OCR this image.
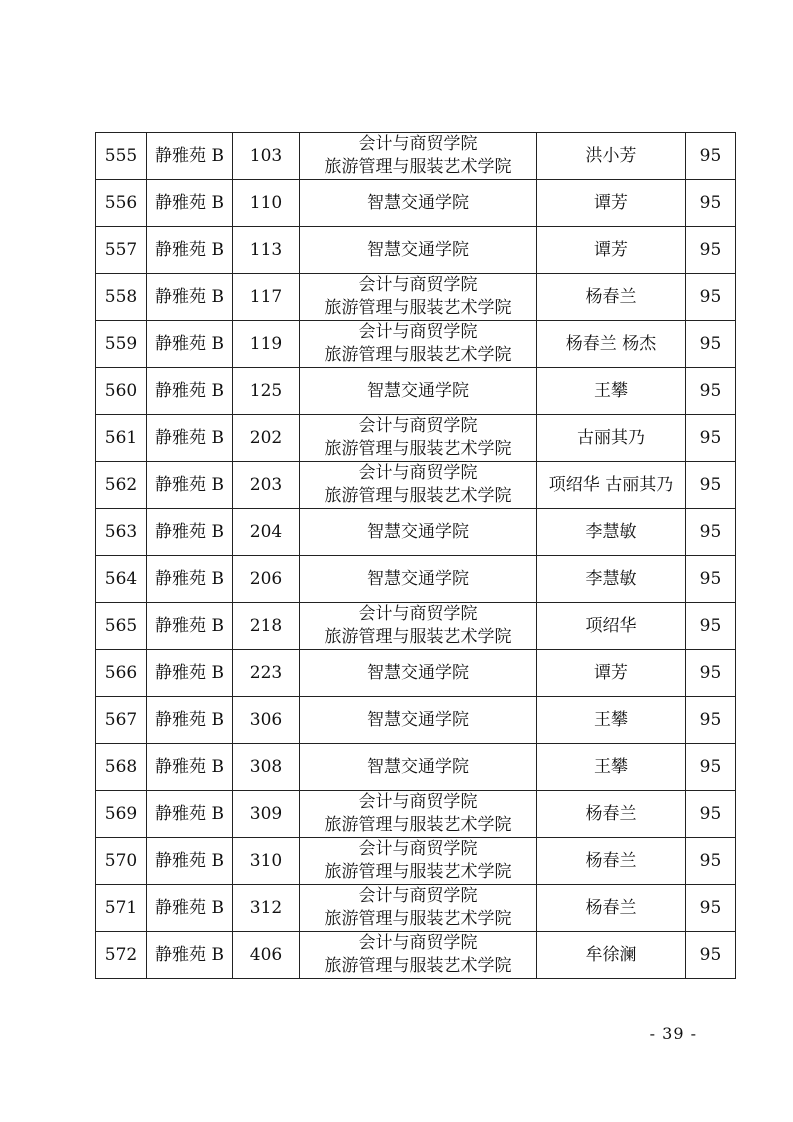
555	静雅苑 B	103	会计与商贸学院
旅游管理与服装艺术学院	洪小芳	95
556	静雅苑 B	110	智慧交通学院	谭芳	95
557	静雅苑 B	113	智慧交通学院	谭芳	95
558	静雅苑 B	117	会计与商贸学院
旅游管理与服装艺术学院	杨春兰	95
559	静雅苑 B	119	会计与商贸学院
旅游管理与服装艺术学院	杨春兰 杨杰	95
560	静雅苑 B	125	智慧交通学院	王攀	95
561	静雅苑 B	202	会计与商贸学院
旅游管理与服装艺术学院	古丽其乃	95
562	静雅苑 B	203	会计与商贸学院
旅游管理与服装艺术学院	项绍华 古丽其乃	95
563	静雅苑 B	204	智慧交通学院	李慧敏	95
564	静雅苑 B	206	智慧交通学院	李慧敏	95
565	静雅苑 B	218	会计与商贸学院
旅游管理与服装艺术学院	项绍华	95
566	静雅苑 B	223	智慧交通学院	谭芳	95
567	静雅苑 B	306	智慧交通学院	王攀	95
568	静雅苑 B	308	智慧交通学院	王攀	95
569	静雅苑 B	309	会计与商贸学院
旅游管理与服装艺术学院	杨春兰	95
570	静雅苑 B	310	会计与商贸学院
旅游管理与服装艺术学院	杨春兰	95
571	静雅苑 B	312	会计与商贸学院
旅游管理与服装艺术学院	杨春兰	95
572	静雅苑 B	406	会计与商贸学院
旅游管理与服装艺术学院	牟徐澜	95
- 39 -
